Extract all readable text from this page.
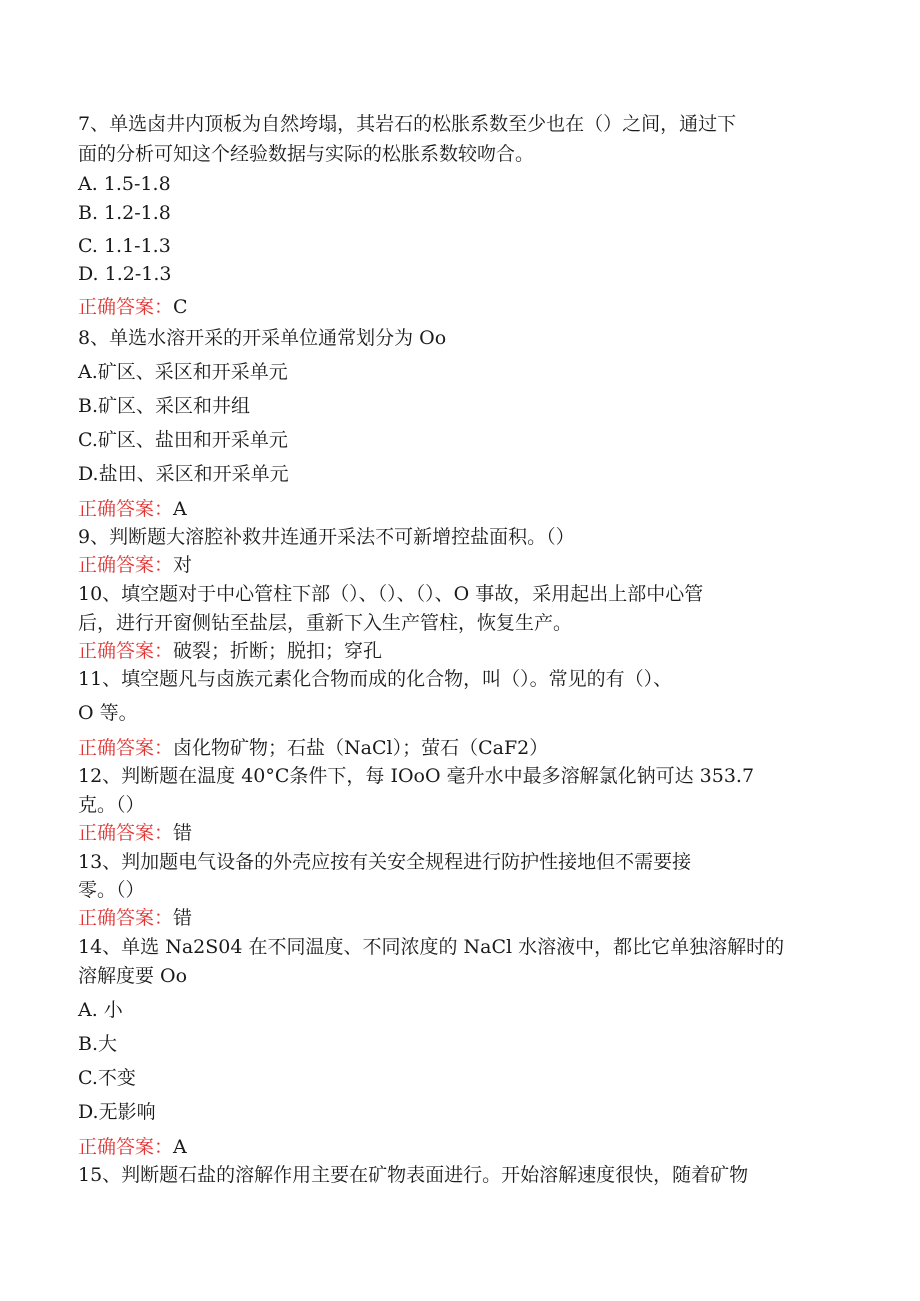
7、单选卤井内顶板为自然垮塌，其岩石的松胀系数至少也在（）之间，通过下
面的分析可知这个经验数据与实际的松胀系数较吻合。
A. 1.5-1.8
B. 1.2-1.8
C. 1.1-1.3
D. 1.2-1.3
正确答案：C
8、单选水溶开采的开采单位通常划分为 Oo
A.矿区、采区和开采单元
B.矿区、采区和井组
C.矿区、盐田和开采单元
D.盐田、采区和开采单元
正确答案：A
9、判断题大溶腔补救井连通开采法不可新增控盐面积。（）
正确答案：对
10、填空题对于中心管柱下部（）、（）、（）、O 事故，采用起出上部中心管
后，进行开窗侧钻至盐层，重新下入生产管柱，恢复生产。
正确答案：破裂；折断；脱扣；穿孔
11、填空题凡与卤族元素化合物而成的化合物，叫（）。常见的有（）、
O 等。
正确答案：卤化物矿物；石盐（NaCl）；萤石（CaF2）
12、判断题在温度 40°C条件下，每 IOoO 毫升水中最多溶解氯化钠可达 353.7
克。（）
正确答案：错
13、判加题电气设备的外壳应按有关安全规程进行防护性接地但不需要接
零。（）
正确答案：错
14、单选 Na2S04 在不同温度、不同浓度的 NaCl 水溶液中，都比它单独溶解时的
溶解度要 Oo
A. 小
B.大
C.不变
D.无影响
正确答案：A
15、判断题石盐的溶解作用主要在矿物表面进行。开始溶解速度很快，随着矿物
